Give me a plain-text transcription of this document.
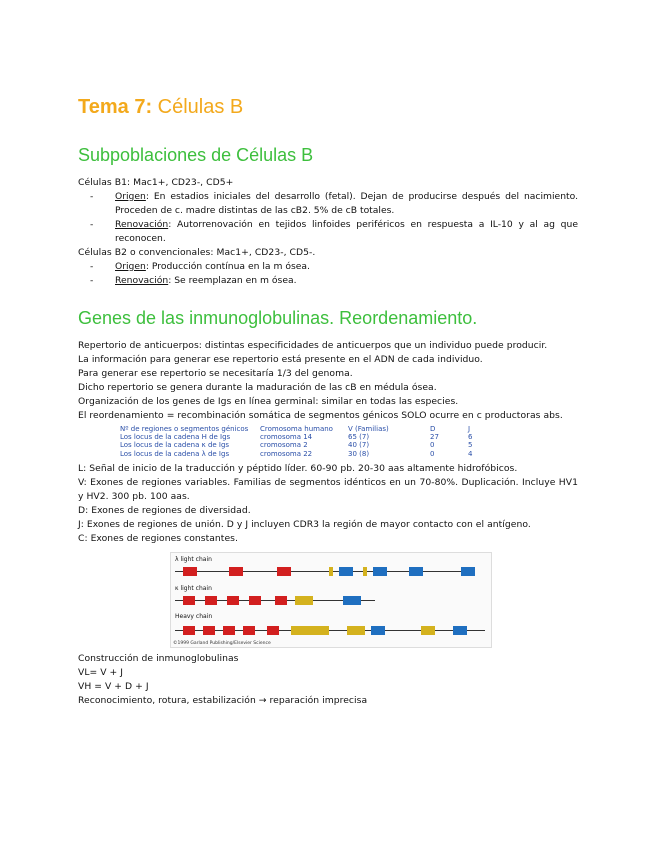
Tema 7: Células B
Subpoblaciones de Células B

Células B1: Mac1+, CD23-, CD5+

- Origen: En estadios iniciales del desarrollo (fetal). Dejan de producirse después del nacimiento. Proceden de c. madre distintas de las cB2. 5% de cB totales.
- Renovación: Autorrenovación en tejidos linfoides periféricos en respuesta a IL-10 y al ag que reconocen.

Células B2 o convencionales: Mac1+, CD23-, CD5-.

- Origen: Producción contínua en la m ósea.
- Renovación: Se reemplazan en m ósea.
Genes de las inmunoglobulinas. Reordenamiento.

Repertorio de anticuerpos: distintas especificidades de anticuerpos que un individuo puede producir.

La información para generar ese repertorio está presente en el ADN de cada individuo.

Para generar ese repertorio se necesitaría 1/3 del genoma.

Dicho repertorio se genera durante la maduración de las cB en médula ósea.

Organización de los genes de Igs en línea germinal: similar en todas las especies.

El reordenamiento = recombinación somática de segmentos génicos SOLO ocurre en c productoras abs.

Nº de regiones o segmentos génicos	Cromosoma humano	V (Familias)	D	J
Los locus de la cadena H de Igs	cromosoma 14	65 (7)	27	6
Los locus de la cadena κ de Igs	cromosoma 2	40 (7)	0	5
Los locus de la cadena λ de Igs	cromosoma 22	30 (8)	0	4

L: Señal de inicio de la traducción y péptido líder. 60-90 pb. 20-30 aas altamente hidrofóbicos.

V: Exones de regiones variables. Familias de segmentos idénticos en un 70-80%. Duplicación. Incluye HV1 y HV2. 300 pb. 100 aas.

D: Exones de regiones de diversidad.

J: Exones de regiones de unión. D y J incluyen CDR3 la región de mayor contacto con el antígeno.

C: Exones de regiones constantes.

λ light chain
κ light chain
Heavy chain
©1999 Garland Publishing/Elsevier Science

Construcción de inmunoglobulinas

VL= V + J

VH = V + D + J

Reconocimiento, rotura, estabilización → reparación imprecisa
